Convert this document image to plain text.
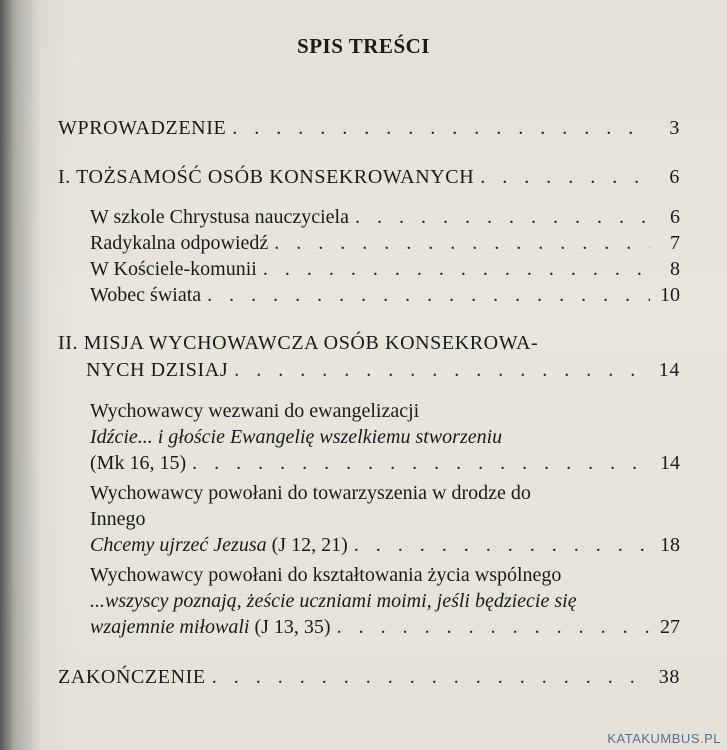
SPIS TREŚCI
WPROWADZENIE . . .	3
I. TOŻSAMOŚĆ OSÓB KONSEKROWANYCH . . .	6
W szkole Chrystusa nauczyciela . . .	6
Radykalna odpowiedź . . .	7
W Kościele-komunii . . .	8
Wobec świata . . .	10
II. MISJA WYCHOWAWCZA OSÓB KONSEKROWA-
NYCH DZISIAJ . . .	14
Wychowawcy wezwani do ewangelizacji
Idźcie... i głoście Ewangelię wszelkiemu stworzeniu
(Mk 16, 15) . . .	14
Wychowawcy powołani do towarzyszenia w drodze do
Innego
Chcemy ujrzeć Jezusa (J 12, 21) . . .	18
Wychowawcy powołani do kształtowania życia wspólnego
...wszyscy poznają, żeście uczniami moimi, jeśli będziecie się
wzajemnie miłowali (J 13, 35) . . .	27
ZAKOŃCZENIE . . .	38
KATAKUMBUS.PL
